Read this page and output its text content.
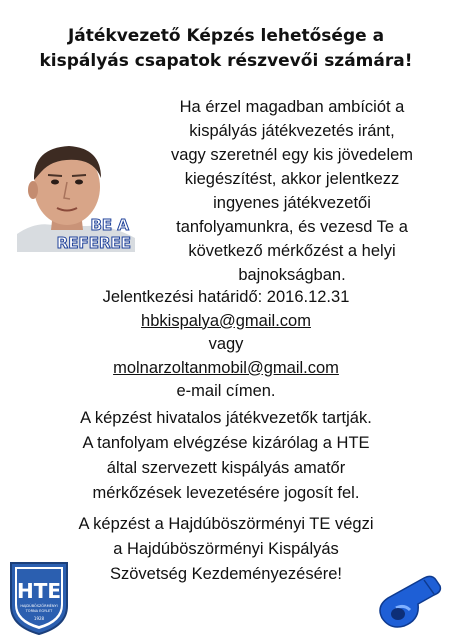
Játékvezető Képzés lehetősége a
kispályás csapatok részvevői számára!
BE A
REFEREE
Ha érzel magadban ambíciót a
kispályás játékvezetés iránt,
vagy szeretnél egy kis jövedelem
kiegészítést, akkor jelentkezz
ingyenes játékvezetői
tanfolyamunkra, és vezesd Te a
következő mérkőzést a helyi
bajnokságban.
Jelentkezési határidő: 2016.12.31
hbkispalya@gmail.com
vagy
molnarzoltanmobil@gmail.com
e-mail címen.
A képzést hivatalos játékvezetők tartják.
A tanfolyam elvégzése kizárólag a HTE
által szervezett kispályás amatőr
mérkőzések levezetésére jogosít fel.
A képzést a Hajdúböszörményi TE végzi
a Hajdúböszörményi Kispályás
Szövetség Kezdeményezésére!
HTE
HAJDÚBÖSZÖRMÉNYI
TORNA EGYLET
1928
